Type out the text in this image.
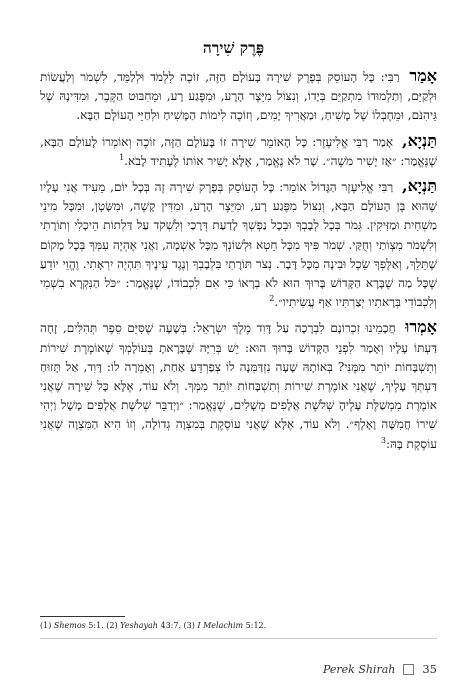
פֶּרֶק שִׁירָה

אָמַר רַבִּי: כָּל הָעוֹסֵק בְּפֶרֶק שִׁירָה בָּעוֹלָם הַזֶּה, זוֹכֶה לִלְמֹד וּלְלַמֵּד, לִשְׁמֹר וְלַעֲשׂוֹת וּלְקַיֵּם, וְתַלְמוּדוֹ מִתְקַיֵּם בְּיָדוֹ, וְנִצּוֹל מִיֵּצֶר הָרָע, וּמִפֶּגַע רָע, וּמֵחִבּוּט הַקֶּבֶר, וּמִדִּינָהּ שֶׁל גֵּיהִנֹּם, וּמֵחֶבְלוֹ שֶׁל מָשִׁיחַ, וּמַאֲרִיךְ יָמִים, וְזוֹכֶה לִימוֹת הַמָּשִׁיחַ וּלְחַיֵּי הָעוֹלָם הַבָּא.

תַּנְיָא, אָמַר רַבִּי אֱלִיעֶזֶר: כָּל הָאוֹמֵר שִׁירָה זוֹ בָּעוֹלָם הַזֶּה, זוֹכֶה וְאוֹמְרוֹ לָעוֹלָם הַבָּא, שֶׁנֶּאֱמַר: ״אָז יָשִׁיר מֹשֶׁה״. שָׁר לֹא נֶאֱמַר, אֶלָּא יָשִׁיר אוֹתוֹ לֶעָתִיד לָבֹא.$^1$

תַּנְיָא, רַבִּי אֱלִיעֶזֶר הַגָּדוֹל אוֹמֵר: כָּל הָעוֹסֵק בְּפֶרֶק שִׁירָה זֶה בְּכָל יוֹם, מֵעִיד אֲנִי עָלָיו שֶׁהוּא בֶּן הָעוֹלָם הַבָּא, וְנִצּוֹל מִפֶּגַע רָע, וּמִיֵּצֶר הָרָע, וּמִדִּין קָשֶׁה, וּמִשָּׂטָן, וּמִכָּל מִינֵי מַשְׁחִית וּמַזִּיקִין. גְּמֹר בְּכָל לְבָבְךָ וּבְכָל נַפְשְׁךָ לָדַעַת דְּרָכַי וְלִשְׁקֹד עַל דַּלְתוֹת הֵיכָלִי וְתוֹרָתִי וְלִשְׁמֹר מִצְוֹתַי וְחֻקַּי. שְׁמֹר פִּיךָ מִכָּל חֵטְא וּלְשׁוֹנְךָ מִכָּל אַשְׁמָה, וַאֲנִי אֶהְיֶה עִמְּךָ בְּכָל מָקוֹם שֶׁתֵּלֵךְ, וְאַלֶּפְךָ שֵׂכֶל וּבִינָה מִכָּל דָּבָר. נְצֹר תּוֹרָתִי בִּלְבָבְךָ וְנֶגֶד עֵינֶיךָ תִּהְיֶה יִרְאָתִי. וֶהֱוֵי יוֹדֵעַ שֶׁכָּל מַה שֶׁבָּרָא הַקָּדוֹשׁ בָּרוּךְ הוּא לֹא בְרָאוֹ כִּי אִם לִכְבוֹדוֹ, שֶׁנֶּאֱמַר: ״כֹּל הַנִּקְרָא בִשְׁמִי וְלִכְבוֹדִי בְּרָאתִיו יְצַרְתִּיו אַף עֲשִׂיתִיו״.$^2$

אָמְרוּ חֲכָמֵינוּ זִכְרוֹנָם לִבְרָכָה עַל דָּוִד מֶלֶךְ יִשְׂרָאֵל: בְּשָׁעָה שֶׁסִּיֵּם סֵפֶר תְּהִלִּים, זָחָה דַּעְתּוֹ עָלָיו וְאָמַר לִפְנֵי הַקָּדוֹשׁ בָּרוּךְ הוּא: יֵשׁ בְּרִיָּה שֶׁבָּרָאתָ בְּעוֹלָמְךָ שֶׁאוֹמֶרֶת שִׁירוֹת וְתִשְׁבָּחוֹת יוֹתֵר מִמֶּנִּי? בְּאוֹתָהּ שָׁעָה נִזְדַּמְּנָה לוֹ צְפַרְדֵּעַ אַחַת, וְאָמְרָה לוֹ: דָּוִד, אַל תָּזוּחַ דַּעְתְּךָ עָלֶיךָ, שֶׁאֲנִי אוֹמֶרֶת שִׁירוֹת וְתִשְׁבָּחוֹת יוֹתֵר מִמְּךָ. וְלֹא עוֹד, אֶלָּא כָּל שִׁירָה שֶׁאֲנִי אוֹמֶרֶת מִמְשַׁלֶּת עָלֶיהָ שְׁלֹשֶׁת אֲלָפִים מְשָׁלִים, שֶׁנֶּאֱמַר: ״וַיְדַבֵּר שְׁלֹשֶׁת אֲלָפִים מָשָׁל וַיְהִי שִׁירוֹ חֲמִשָּׁה וָאָלֶף״. וְלֹא עוֹד, אֶלָּא שֶׁאֲנִי עוֹסֶקֶת בְּמִצְוָה גְדוֹלָה, וְזוֹ הִיא הַמִּצְוָה שֶׁאֲנִי עוֹסֶקֶת בָּהּ:$^3$

(1) Shemos 5:1. (2) Yeshayah 43:7. (3) I Melachim 5:12.
Perek Shirah 35
